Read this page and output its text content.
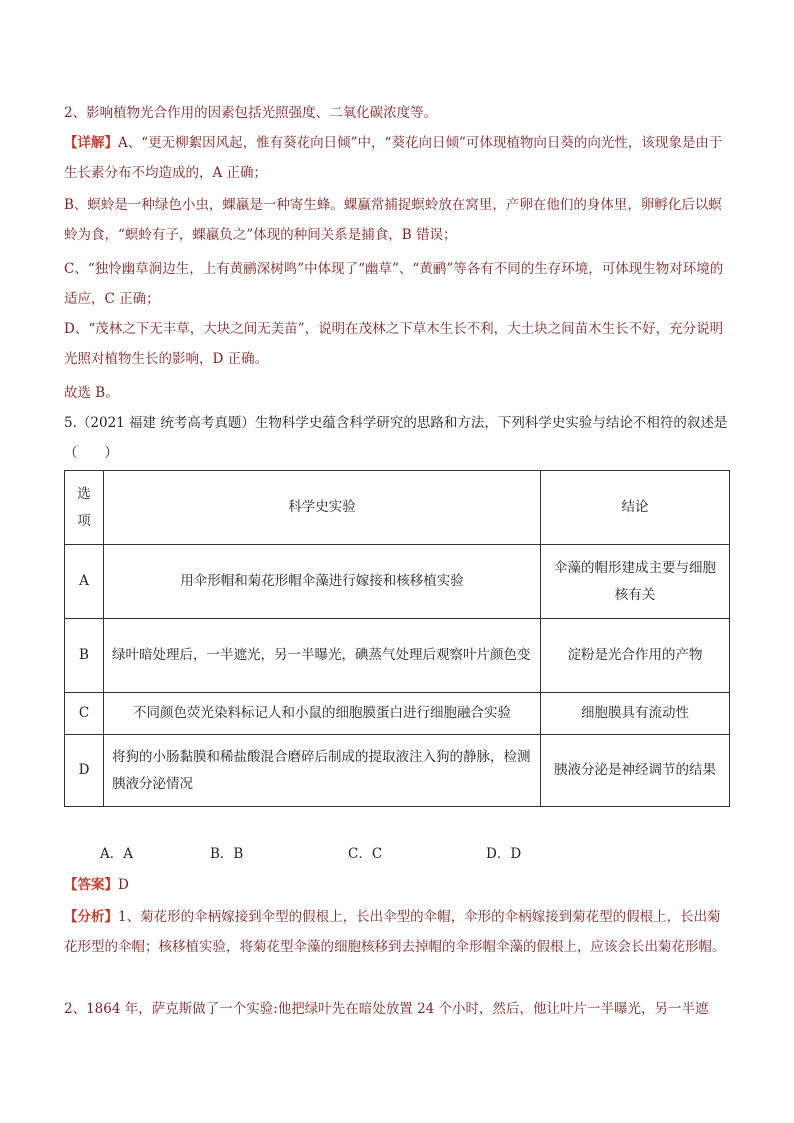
2、影响植物光合作用的因素包括光照强度、二氧化碳浓度等。
【详解】A、“更无柳絮因风起，惟有葵花向日倾”中，“葵花向日倾”可体现植物向日葵的向光性，该现象是由于生长素分布不均造成的，A 正确；
B、螟蛉是一种绿色小虫，蜾蠃是一种寄生蜂。蜾蠃常捕捉螟蛉放在窝里，产卵在他们的身体里，卵孵化后以螟蛉为食，“螟蛉有子，蜾蠃负之”体现的种间关系是捕食，B 错误；
C、“独怜幽草涧边生，上有黄鹂深树鸣”中体现了“幽草”、“黄鹂”等各有不同的生存环境，可体现生物对环境的适应，C 正确；
D、“茂林之下无丰草，大块之间无美苗”，说明在茂林之下草木生长不利，大土块之间苗木生长不好，充分说明光照对植物生长的影响，D 正确。
故选 B。
5.（2021 福建 统考高考真题）生物科学史蕴含科学研究的思路和方法，下列科学史实验与结论不相符的叙述是（　　）
选项	科学史实验	结论
A	用伞形帽和菊花形帽伞藻进行嫁接和核移植实验	伞藻的帽形建成主要与细胞核有关
B	绿叶暗处理后，一半遮光，另一半曝光，碘蒸气处理后观察叶片颜色变	淀粉是光合作用的产物
C	不同颜色荧光染料标记人和小鼠的细胞膜蛋白进行细胞融合实验	细胞膜具有流动性
D	将狗的小肠黏膜和稀盐酸混合磨碎后制成的提取液注入狗的静脉，检测胰液分泌情况	胰液分泌是神经调节的结果
A．A	B．B	C．C	D．D
【答案】D
【分析】1、菊花形的伞柄嫁接到伞型的假根上，长出伞型的伞帽，伞形的伞柄嫁接到菊花型的假根上，长出菊花形型的伞帽；核移植实验，将菊花型伞藻的细胞核移到去掉帽的伞形帽伞藻的假根上，应该会长出菊花形帽。
2、1864 年，萨克斯做了一个实验:他把绿叶先在暗处放置 24 个小时，然后，他让叶片一半曝光，另一半遮
